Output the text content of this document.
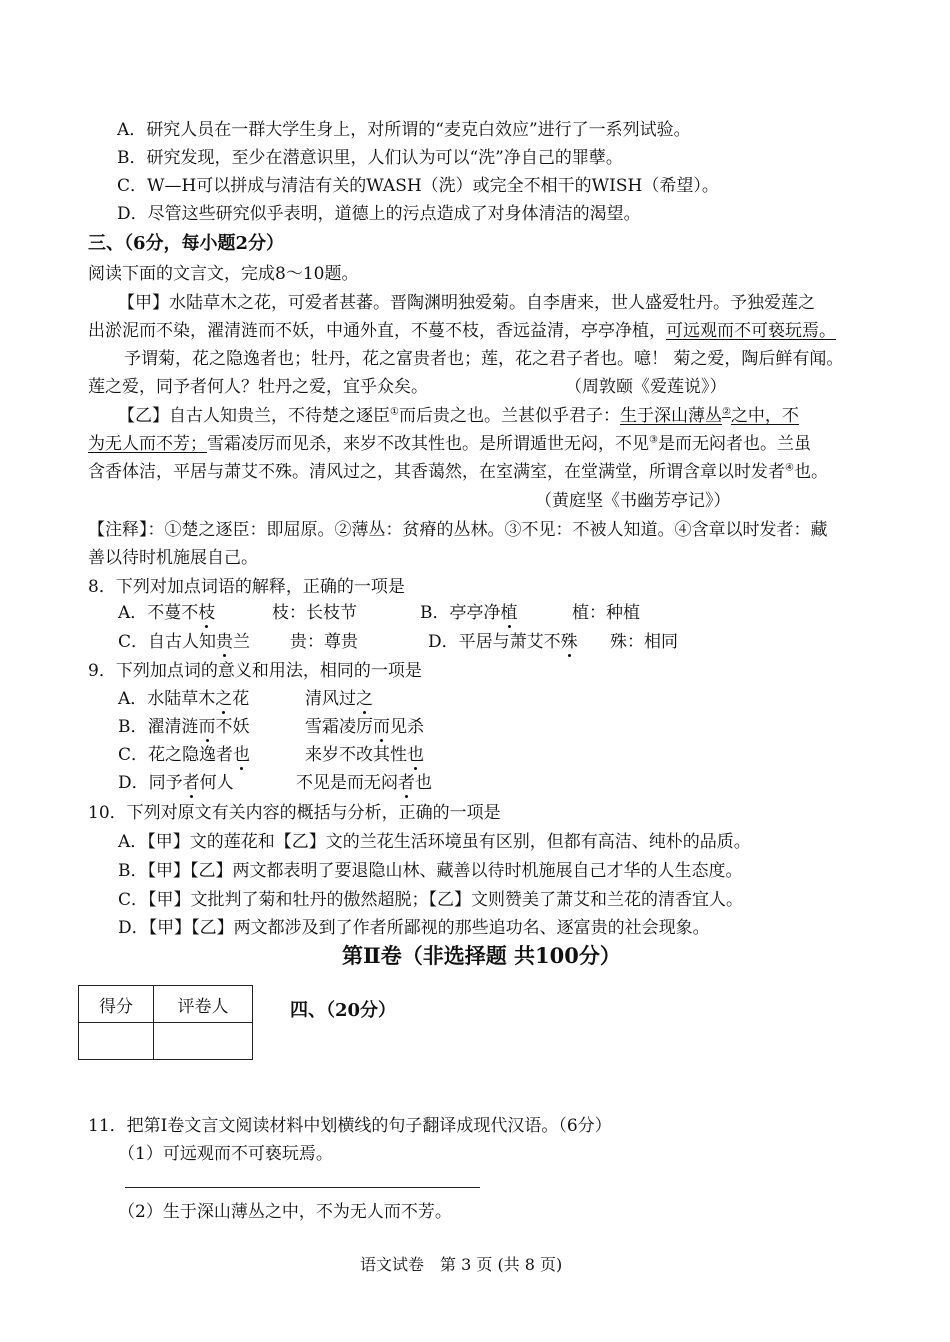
A．研究人员在一群大学生身上，对所谓的“麦克白效应”进行了一系列试验。
B．研究发现，至少在潜意识里，人们认为可以“洗”净自己的罪孽。
C．W—H可以拼成与清洁有关的WASH（洗）或完全不相干的WISH（希望）。
D．尽管这些研究似乎表明，道德上的污点造成了对身体清洁的渴望。
三、（6分，每小题2分）
阅读下面的文言文，完成8～10题。
【甲】水陆草木之花，可爱者甚蕃。晋陶渊明独爱菊。自李唐来，世人盛爱牡丹。予独爱莲之
出淤泥而不染，濯清涟而不妖，中通外直，不蔓不枝，香远益清，亭亭净植，可远观而不可亵玩焉。
予谓菊，花之隐逸者也；牡丹，花之富贵者也；莲，花之君子者也。噫！ 菊之爱，陶后鲜有闻。
莲之爱，同予者何人？牡丹之爱，宜乎众矣。	（周敦颐《爱莲说》）
【乙】自古人知贵兰，不待楚之逐臣①而后贵之也。兰甚似乎君子：生于深山薄丛②之中，不
为无人而不芳；雪霜凌厉而见杀，来岁不改其性也。是所谓遁世无闷，不见③是而无闷者也。兰虽
含香体洁，平居与萧艾不殊。清风过之，其香蔼然，在室满室，在堂满堂，所谓含章以时发者④也。
（黄庭坚《书幽芳亭记》）
【注释】：①楚之逐臣：即屈原。②薄丛：贫瘠的丛林。③不见：不被人知道。④含章以时发者：藏
善以待时机施展自己。
8．下列对加点词语的解释，正确的一项是
A．不蔓不枝	枝：长枝节	B．亭亭净植	植：种植
C．自古人知贵兰 贵：尊贵	D．平居与萧艾不殊 殊：相同
9．下列加点词的意义和用法，相同的一项是
A．水陆草木之花	清风过之
B．濯清涟而不妖	雪霜凌厉而见杀
C．花之隐逸者也	来岁不改其性也
D．同予者何人	不见是而无闷者也
10．下列对原文有关内容的概括与分析，正确的一项是
A．【甲】文的莲花和【乙】文的兰花生活环境虽有区别，但都有高洁、纯朴的品质。
B．【甲】【乙】两文都表明了要退隐山林、藏善以待时机施展自己才华的人生态度。
C．【甲】文批判了菊和牡丹的傲然超脱；【乙】文则赞美了萧艾和兰花的清香宜人。
D．【甲】【乙】两文都涉及到了作者所鄙视的那些追功名、逐富贵的社会现象。
第Ⅱ卷（非选择题 共100分）
得分	评卷人
		四、（20分）
11．把第Ⅰ卷文言文阅读材料中划横线的句子翻译成现代汉语。（6分）
（1）可远观而不可亵玩焉。
（2）生于深山薄丛之中，不为无人而不芳。
语文试卷　第 3 页 (共 8 页)
